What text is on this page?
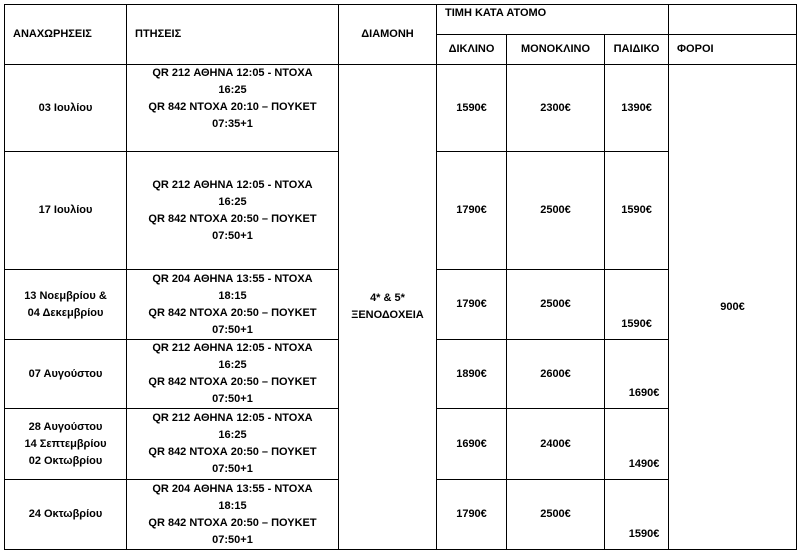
ΑΝΑΧΩΡΗΣΕΙΣ	ΠΤΗΣΕΙΣ	ΔΙΑΜΟΝΗ	ΤΙΜΗ ΚΑΤΑ ΑΤΟΜΟ			
			ΔΙΚΛΙΝΟ	ΜΟΝΟΚΛΙΝΟ	ΠΑΙΔΙΚΟ	ΦΟΡΟΙ

03 Ιουλίου	QR 212 ΑΘΗΝΑ 12:05 - ΝΤΟΧΑ
16:25
QR 842 ΝΤΟΧΑ 20:10 – ΠΟΥΚΕΤ
07:35+1	4* & 5*
ΞΕΝΟΔΟΧΕΙΑ	1590€	2300€	1390€	900€

17 Ιουλίου	QR 212 ΑΘΗΝΑ 12:05 - ΝΤΟΧΑ
16:25
QR 842 ΝΤΟΧΑ 20:50 – ΠΟΥΚΕΤ
07:50+1		1790€	2500€	1590€	

13 Νοεμβρίου &
04 Δεκεμβρίου	QR 204 ΑΘΗΝΑ 13:55 - ΝΤΟΧΑ
18:15
QR 842 ΝΤΟΧΑ 20:50 – ΠΟΥΚΕΤ
07:50+1		1790€	2500€	1590€	

07 Αυγούστου	QR 212 ΑΘΗΝΑ 12:05 - ΝΤΟΧΑ
16:25
QR 842 ΝΤΟΧΑ 20:50 – ΠΟΥΚΕΤ
07:50+1		1890€	2600€	1690€	

28 Αυγούστου
14 Σεπτεμβρίου
02 Οκτωβρίου	QR 212 ΑΘΗΝΑ 12:05 - ΝΤΟΧΑ
16:25
QR 842 ΝΤΟΧΑ 20:50 – ΠΟΥΚΕΤ
07:50+1		1690€	2400€	1490€	

24 Οκτωβρίου	QR 204 ΑΘΗΝΑ 13:55 - ΝΤΟΧΑ
18:15
QR 842 ΝΤΟΧΑ 20:50 – ΠΟΥΚΕΤ
07:50+1		1790€	2500€	1590€	
